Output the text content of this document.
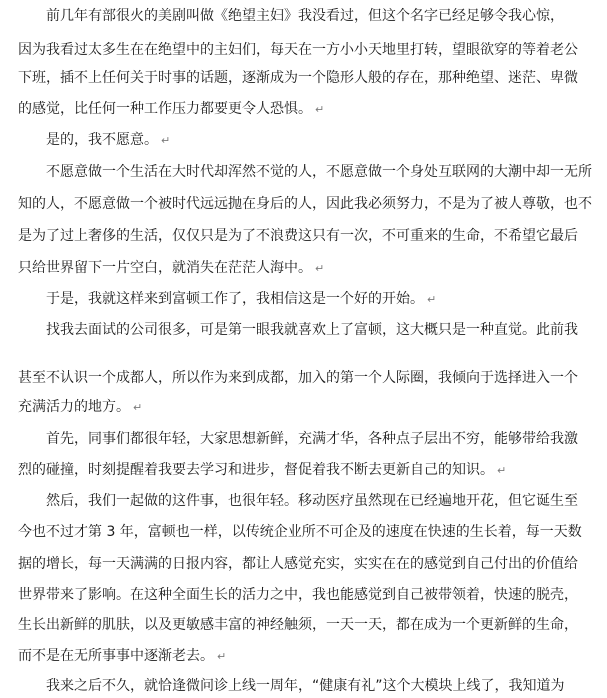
前几年有部很火的美剧叫做《绝望主妇》我没看过，但这个名字已经足够令我心惊，
因为我看过太多生在在绝望中的主妇们，每天在一方小小天地里打转，望眼欲穿的等着老公
下班，插不上任何关于时事的话题，逐渐成为一个隐形人般的存在，那种绝望、迷茫、卑微
的感觉，比任何一种工作压力都要更令人恐惧。 ↵
是的，我不愿意。 ↵
不愿意做一个生活在大时代却浑然不觉的人，不愿意做一个身处互联网的大潮中却一无所
知的人，不愿意做一个被时代远远抛在身后的人，因此我必须努力，不是为了被人尊敬，也不
是为了过上奢侈的生活，仅仅只是为了不浪费这只有一次，不可重来的生命，不希望它最后
只给世界留下一片空白，就消失在茫茫人海中。 ↵
于是，我就这样来到富顿工作了，我相信这是一个好的开始。 ↵
找我去面试的公司很多，可是第一眼我就喜欢上了富顿，这大概只是一种直觉。此前我
甚至不认识一个成都人，所以作为来到成都，加入的第一个人际圈，我倾向于选择进入一个
充满活力的地方。 ↵
首先，同事们都很年轻，大家思想新鲜，充满才华，各种点子层出不穷，能够带给我激
烈的碰撞，时刻提醒着我要去学习和进步，督促着我不断去更新自己的知识。 ↵
然后，我们一起做的这件事，也很年轻。移动医疗虽然现在已经遍地开花，但它诞生至
今也不过才第 3 年，富顿也一样，以传统企业所不可企及的速度在快速的生长着，每一天数
据的增长，每一天满满的日报内容，都让人感觉充实，实实在在的感觉到自己付出的价值给
世界带来了影响。在这种全面生长的活力之中，我也能感觉到自己被带领着，快速的脱壳，
生长出新鲜的肌肤，以及更敏感丰富的神经触须，一天一天，都在成为一个更新鲜的生命，
而不是在无所事事中逐渐老去。 ↵
我来之后不久，就恰逢微问诊上线一周年，“健康有礼”这个大模块上线了，我知道为
